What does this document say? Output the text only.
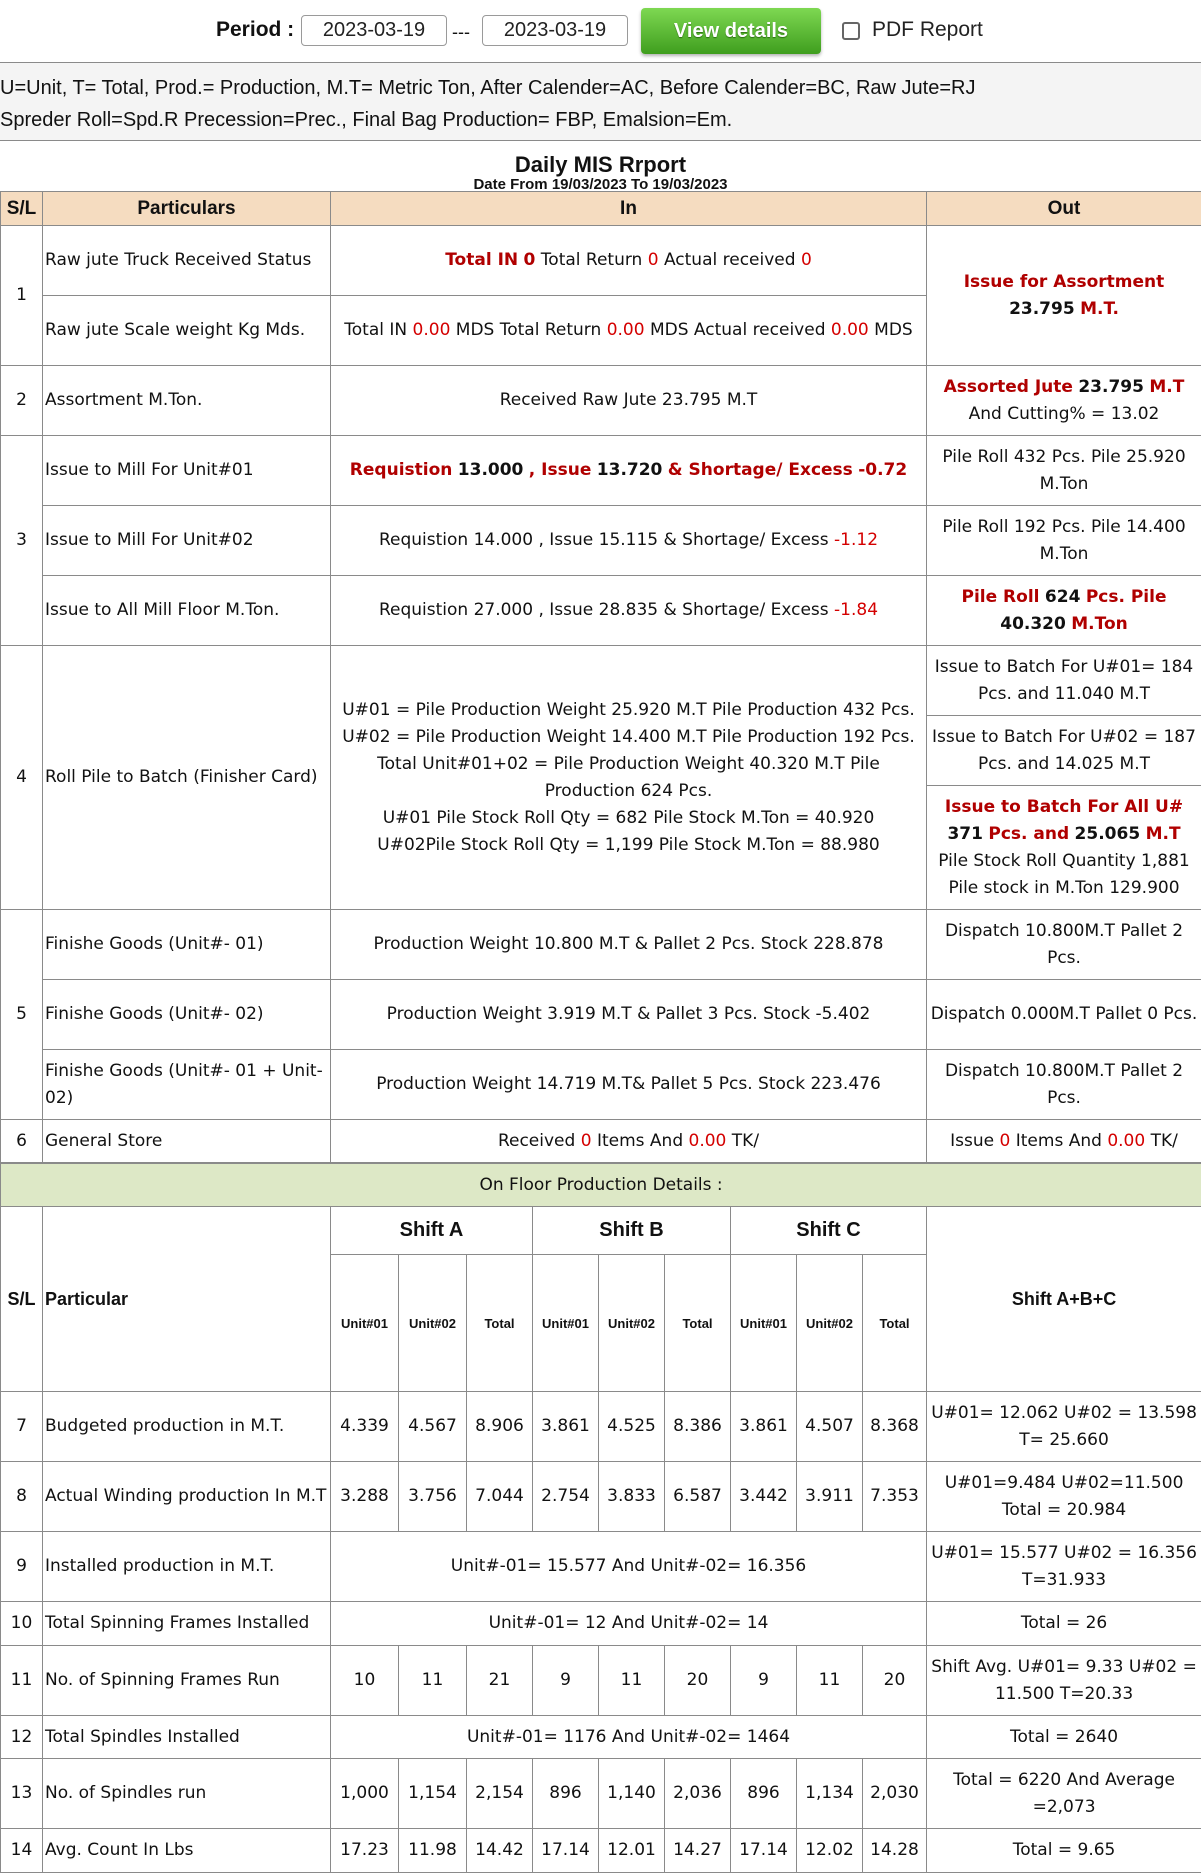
Period :	2023-03-19	---	2023-03-19	View details	PDF Report
U=Unit, T= Total, Prod.= Production, M.T= Metric Ton, After Calender=AC, Before Calender=BC, Raw Jute=RJ
Spreder Roll=Spd.R Precession=Prec., Final Bag Production= FBP, Emalsion=Em.
Daily MIS Rrport
Date From 19/03/2023 To 19/03/2023
S/L	Particulars	In	Out
1	Raw jute Truck Received Status	Total IN 0 Total Return 0 Actual received 0	Issue for Assortment
23.795 M.T.
	Raw jute Scale weight Kg Mds.	Total IN 0.00 MDS Total Return 0.00 MDS Actual received 0.00 MDS	
2	Assortment M.Ton.	Received Raw Jute 23.795 M.T	Assorted Jute 23.795 M.T
And Cutting% = 13.02
3	Issue to Mill For Unit#01	Requistion 13.000 , Issue 13.720 & Shortage/ Excess -0.72	Pile Roll 432 Pcs. Pile 25.920 M.Ton
	Issue to Mill For Unit#02	Requistion 14.000 , Issue 15.115 & Shortage/ Excess -1.12	Pile Roll 192 Pcs. Pile 14.400 M.Ton
	Issue to All Mill Floor M.Ton.	Requistion 27.000 , Issue 28.835 & Shortage/ Excess -1.84	Pile Roll 624 Pcs. Pile
40.320 M.Ton
4	Roll Pile to Batch (Finisher Card)	U#01 = Pile Production Weight 25.920 M.T Pile Production 432 Pcs.
U#02 = Pile Production Weight 14.400 M.T Pile Production 192 Pcs.
Total Unit#01+02 = Pile Production Weight 40.320 M.T Pile Production 624 Pcs.
U#01 Pile Stock Roll Qty = 682 Pile Stock M.Ton = 40.920
U#02Pile Stock Roll Qty = 1,199 Pile Stock M.Ton = 88.980	Issue to Batch For U#01= 184 Pcs. and 11.040 M.T
			Issue to Batch For U#02 = 187 Pcs. and 14.025 M.T
			Issue to Batch For All U#
371 Pcs. and 25.065 M.T
Pile Stock Roll Quantity 1,881 Pile stock in M.Ton 129.900
5	Finishe Goods (Unit#- 01)	Production Weight 10.800 M.T & Pallet 2 Pcs. Stock 228.878	Dispatch 10.800M.T Pallet 2 Pcs.
	Finishe Goods (Unit#- 02)	Production Weight 3.919 M.T & Pallet 3 Pcs. Stock -5.402	Dispatch 0.000M.T Pallet 0 Pcs.
	Finishe Goods (Unit#- 01 + Unit- 02)	Production Weight 14.719 M.T& Pallet 5 Pcs. Stock 223.476	Dispatch 10.800M.T Pallet 2 Pcs.
6	General Store	Received 0 Items And 0.00 TK/	Issue 0 Items And 0.00 TK/
On Floor Production Details :											
S/L	Particular	Shift A			Shift B			Shift C			Shift A+B+C
		Unit#01	Unit#02	Total	Unit#01	Unit#02	Total	Unit#01	Unit#02	Total	
7	Budgeted production in M.T.	4.339	4.567	8.906	3.861	4.525	8.386	3.861	4.507	8.368	U#01= 12.062 U#02 = 13.598 T= 25.660
8	Actual Winding production In M.T	3.288	3.756	7.044	2.754	3.833	6.587	3.442	3.911	7.353	U#01=9.484 U#02=11.500 Total = 20.984
9	Installed production in M.T.	Unit#-01= 15.577 And Unit#-02= 16.356									U#01= 15.577 U#02 = 16.356 T=31.933
10	Total Spinning Frames Installed	Unit#-01= 12 And Unit#-02= 14									Total = 26
11	No. of Spinning Frames Run	10	11	21	9	11	20	9	11	20	Shift Avg. U#01= 9.33 U#02 = 11.500 T=20.33
12	Total Spindles Installed	Unit#-01= 1176 And Unit#-02= 1464									Total = 2640
13	No. of Spindles run	1,000	1,154	2,154	896	1,140	2,036	896	1,134	2,030	Total = 6220 And Average =2,073
14	Avg. Count In Lbs	17.23	11.98	14.42	17.14	12.01	14.27	17.14	12.02	14.28	Total = 9.65
